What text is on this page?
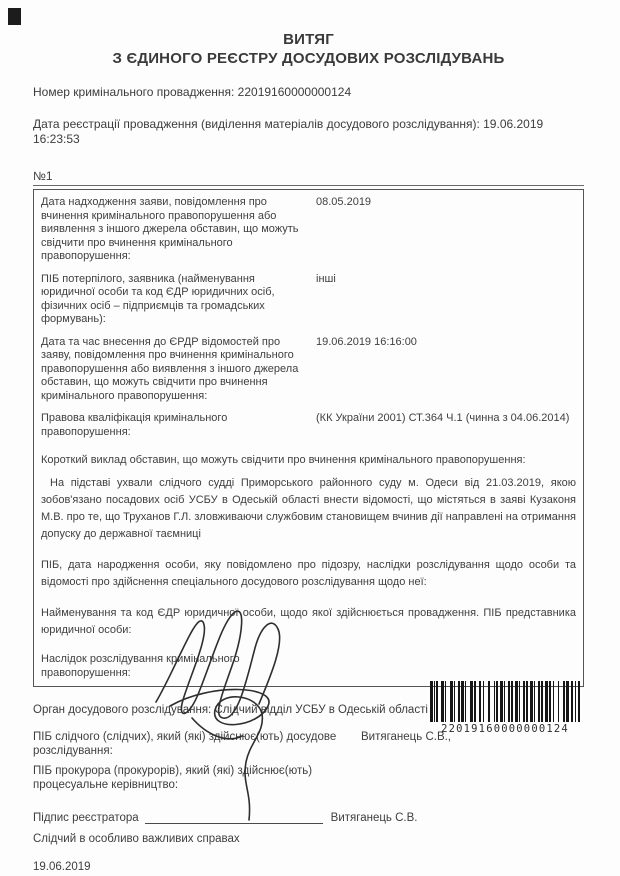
ВИТЯГ
З ЄДИНОГО РЕЄСТРУ ДОСУДОВИХ РОЗСЛІДУВАНЬ
Номер кримінального провадження: 22019160000000124
Дата реєстрації провадження (виділення матеріалів досудового розслідування): 19.06.2019 16:23:53
№1
Дата надходження заяви, повідомлення про вчинення кримінального правопорушення або виявлення з іншого джерела обставин, що можуть свідчити про вчинення кримінального правопорушення:
08.05.2019
ПІБ потерпілого, заявника (найменування юридичної особи та код ЄДР юридичних осіб, фізичних осіб – підприємців та громадських формувань):
інші
Дата та час внесення до ЄРДР відомостей про заяву, повідомлення про вчинення кримінального правопорушення або виявлення з іншого джерела обставин, що можуть свідчити про вчинення кримінального правопорушення:
19.06.2019 16:16:00
Правова кваліфікація кримінального правопорушення:
(КК України 2001) СТ.364 Ч.1 (чинна з 04.06.2014)
Короткий виклад обставин, що можуть свідчити про вчинення кримінального правопорушення:
На підставі ухвали слідчого судді Приморського районного суду м. Одеси від 21.03.2019, якою зобов'язано посадових осіб УСБУ в Одеській області внести відомості, що містяться в заяві Кузаконя М.В. про те, що Труханов Г.Л. зловживаючи службовим становищем вчинив дії направлені на отримання допуску до державної таємниці
ПІБ, дата народження особи, яку повідомлено про підозру, наслідки розслідування щодо особи та відомості про здійснення спеціального досудового розслідування щодо неї:
Найменування та код ЄДР юридичної особи, щодо якої здійснюється провадження. ПІБ представника юридичної особи:
Наслідок розслідування кримінального правопорушення:
Орган досудового розслідування: Слідчий відділ УСБУ в Одеській області
ПІБ слідчого (слідчих), який (які) здійснює(ють) досудове розслідування:
Витяганець С.В.,
ПІБ прокурора (прокурорів), який (які) здійснює(ють) процесуальне керівництво:
Підпис реєстратора	Витяганець С.В.
Слідчий в особливо важливих справах
19.06.2019
22019160000000124
